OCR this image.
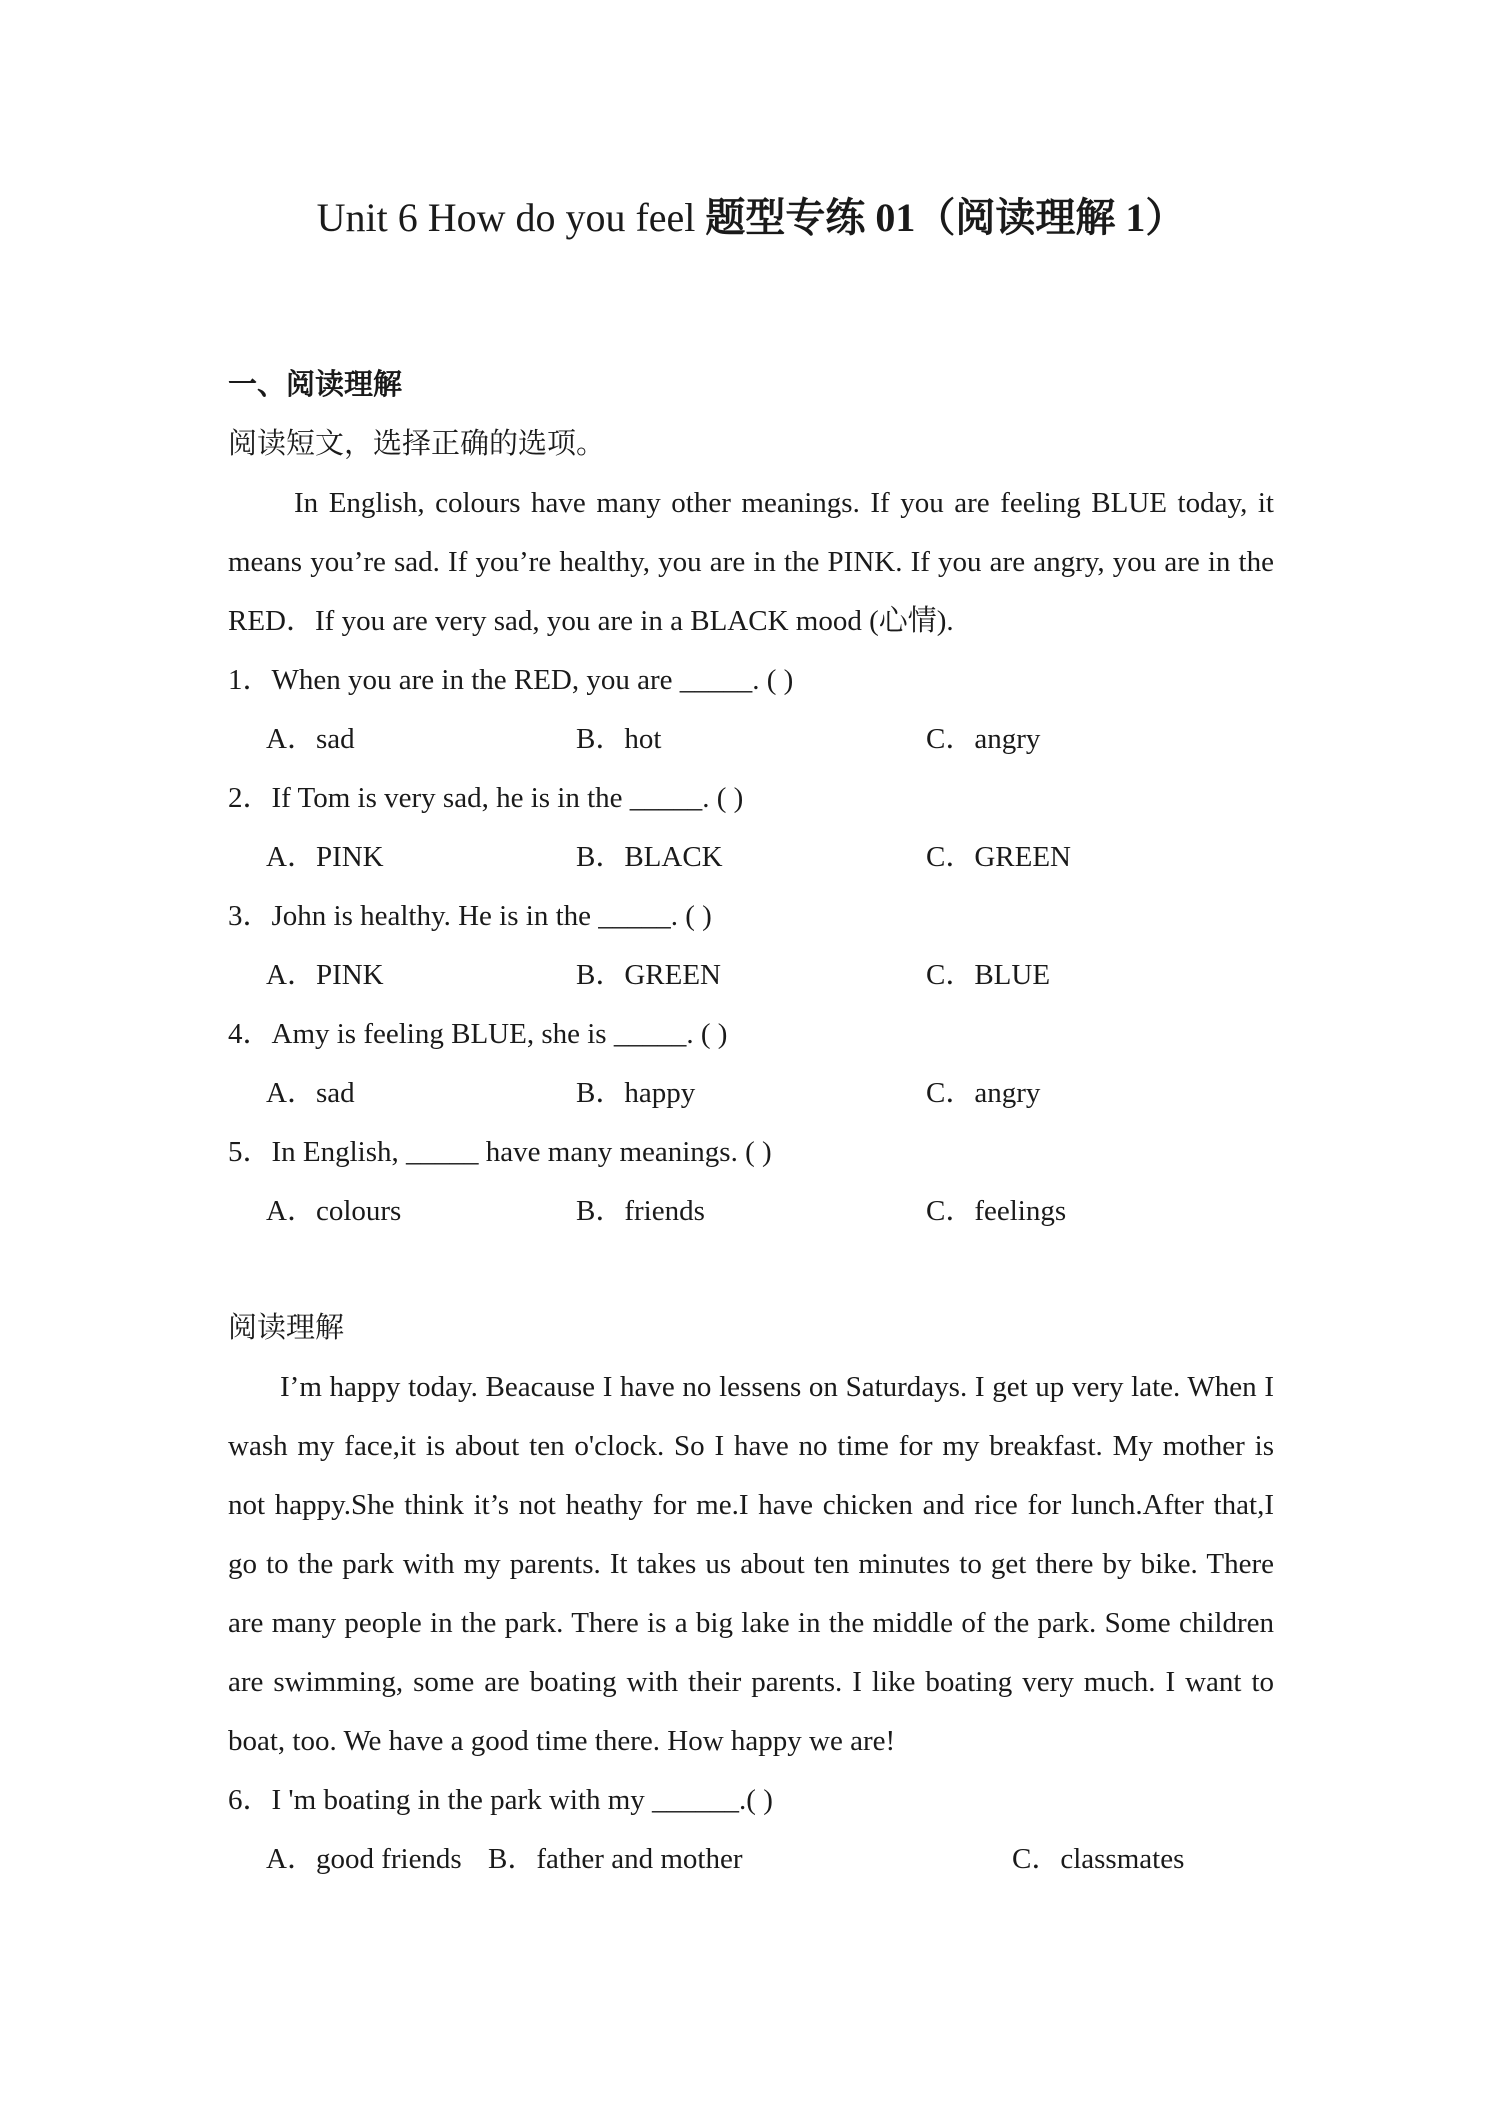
Unit 6 How do you feel 题型专练 01（阅读理解 1）
一、阅读理解
阅读短文，选择正确的选项。

In English, colours have many other meanings. If you are feeling BLUE today, it means you’re sad. If you’re healthy, you are in the PINK. If you are angry, you are in the RED．If you are very sad, you are in a BLACK mood (心情).

1．When you are in the RED, you are _____. ( )
A．sad	B．hot	C．angry
2．If Tom is very sad, he is in the _____. ( )
A．PINK	B．BLACK	C．GREEN
3．John is healthy. He is in the _____. ( )
A．PINK	B．GREEN	C．BLUE
4．Amy is feeling BLUE, she is _____. ( )
A．sad	B．happy	C．angry
5．In English, _____ have many meanings. ( )
A．colours	B．friends	C．feelings
阅读理解

I’m happy today. Beacause I have no lessens on Saturdays. I get up very late. When I wash my face,it is about ten o'clock. So I have no time for my breakfast. My mother is not happy.She think it’s not heathy for me.I have chicken and rice for lunch.After that,I go to the park with my parents. It takes us about ten minutes to get there by bike. There are many people in the park. There is a big lake in the middle of the park. Some children are swimming, some are boating with their parents. I like boating very much. I want to boat, too. We have a good time there. How happy we are!

6．I 'm boating in the park with my ______.( )
A．good friends B．father and mother	C．classmates
